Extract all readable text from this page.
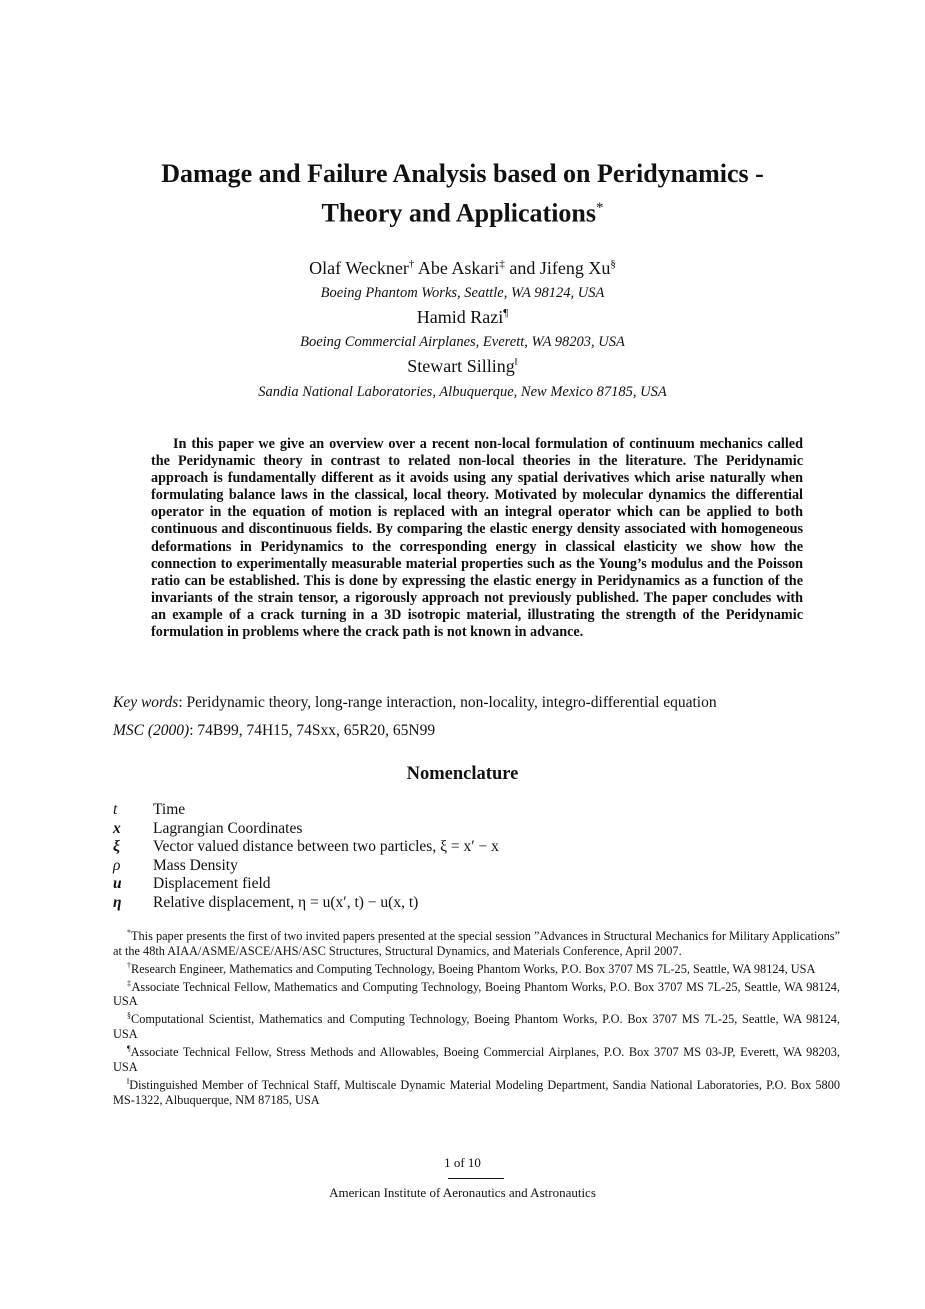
Damage and Failure Analysis based on Peridynamics -
Theory and Applications*
Olaf Weckner† Abe Askari‡ and Jifeng Xu§
Boeing Phantom Works, Seattle, WA 98124, USA
Hamid Razi¶
Boeing Commercial Airplanes, Everett, WA 98203, USA
Stewart Silling‖
Sandia National Laboratories, Albuquerque, New Mexico 87185, USA
In this paper we give an overview over a recent non-local formulation of continuum mechanics called the Peridynamic theory in contrast to related non-local theories in the literature. The Peridynamic approach is fundamentally different as it avoids using any spatial derivatives which arise naturally when formulating balance laws in the classical, local theory. Motivated by molecular dynamics the differential operator in the equation of motion is replaced with an integral operator which can be applied to both continuous and discontinuous fields. By comparing the elastic energy density associated with homogeneous deformations in Peridynamics to the corresponding energy in classical elasticity we show how the connection to experimentally measurable material properties such as the Young’s modulus and the Poisson ratio can be established. This is done by expressing the elastic energy in Peridynamics as a function of the invariants of the strain tensor, a rigorously approach not previously published. The paper concludes with an example of a crack turning in a 3D isotropic material, illustrating the strength of the Peridynamic formulation in problems where the crack path is not known in advance.
Key words: Peridynamic theory, long-range interaction, non-locality, integro-differential equation
MSC (2000): 74B99, 74H15, 74Sxx, 65R20, 65N99
Nomenclature
t	Time
x	Lagrangian Coordinates
ξ	Vector valued distance between two particles, ξ = x′ − x
ρ	Mass Density
u	Displacement field
η	Relative displacement, η = u(x′, t) − u(x, t)

*This paper presents the first of two invited papers presented at the special session ”Advances in Structural Mechanics for Military Applications” at the 48th AIAA/ASME/ASCE/AHS/ASC Structures, Structural Dynamics, and Materials Conference, April 2007.

†Research Engineer, Mathematics and Computing Technology, Boeing Phantom Works, P.O. Box 3707 MS 7L-25, Seattle, WA 98124, USA

‡Associate Technical Fellow, Mathematics and Computing Technology, Boeing Phantom Works, P.O. Box 3707 MS 7L-25, Seattle, WA 98124, USA

§Computational Scientist, Mathematics and Computing Technology, Boeing Phantom Works, P.O. Box 3707 MS 7L-25, Seattle, WA 98124, USA

¶Associate Technical Fellow, Stress Methods and Allowables, Boeing Commercial Airplanes, P.O. Box 3707 MS 03-JP, Everett, WA 98203, USA

‖Distinguished Member of Technical Staff, Multiscale Dynamic Material Modeling Department, Sandia National Laboratories, P.O. Box 5800 MS-1322, Albuquerque, NM 87185, USA

1 of 10
American Institute of Aeronautics and Astronautics
